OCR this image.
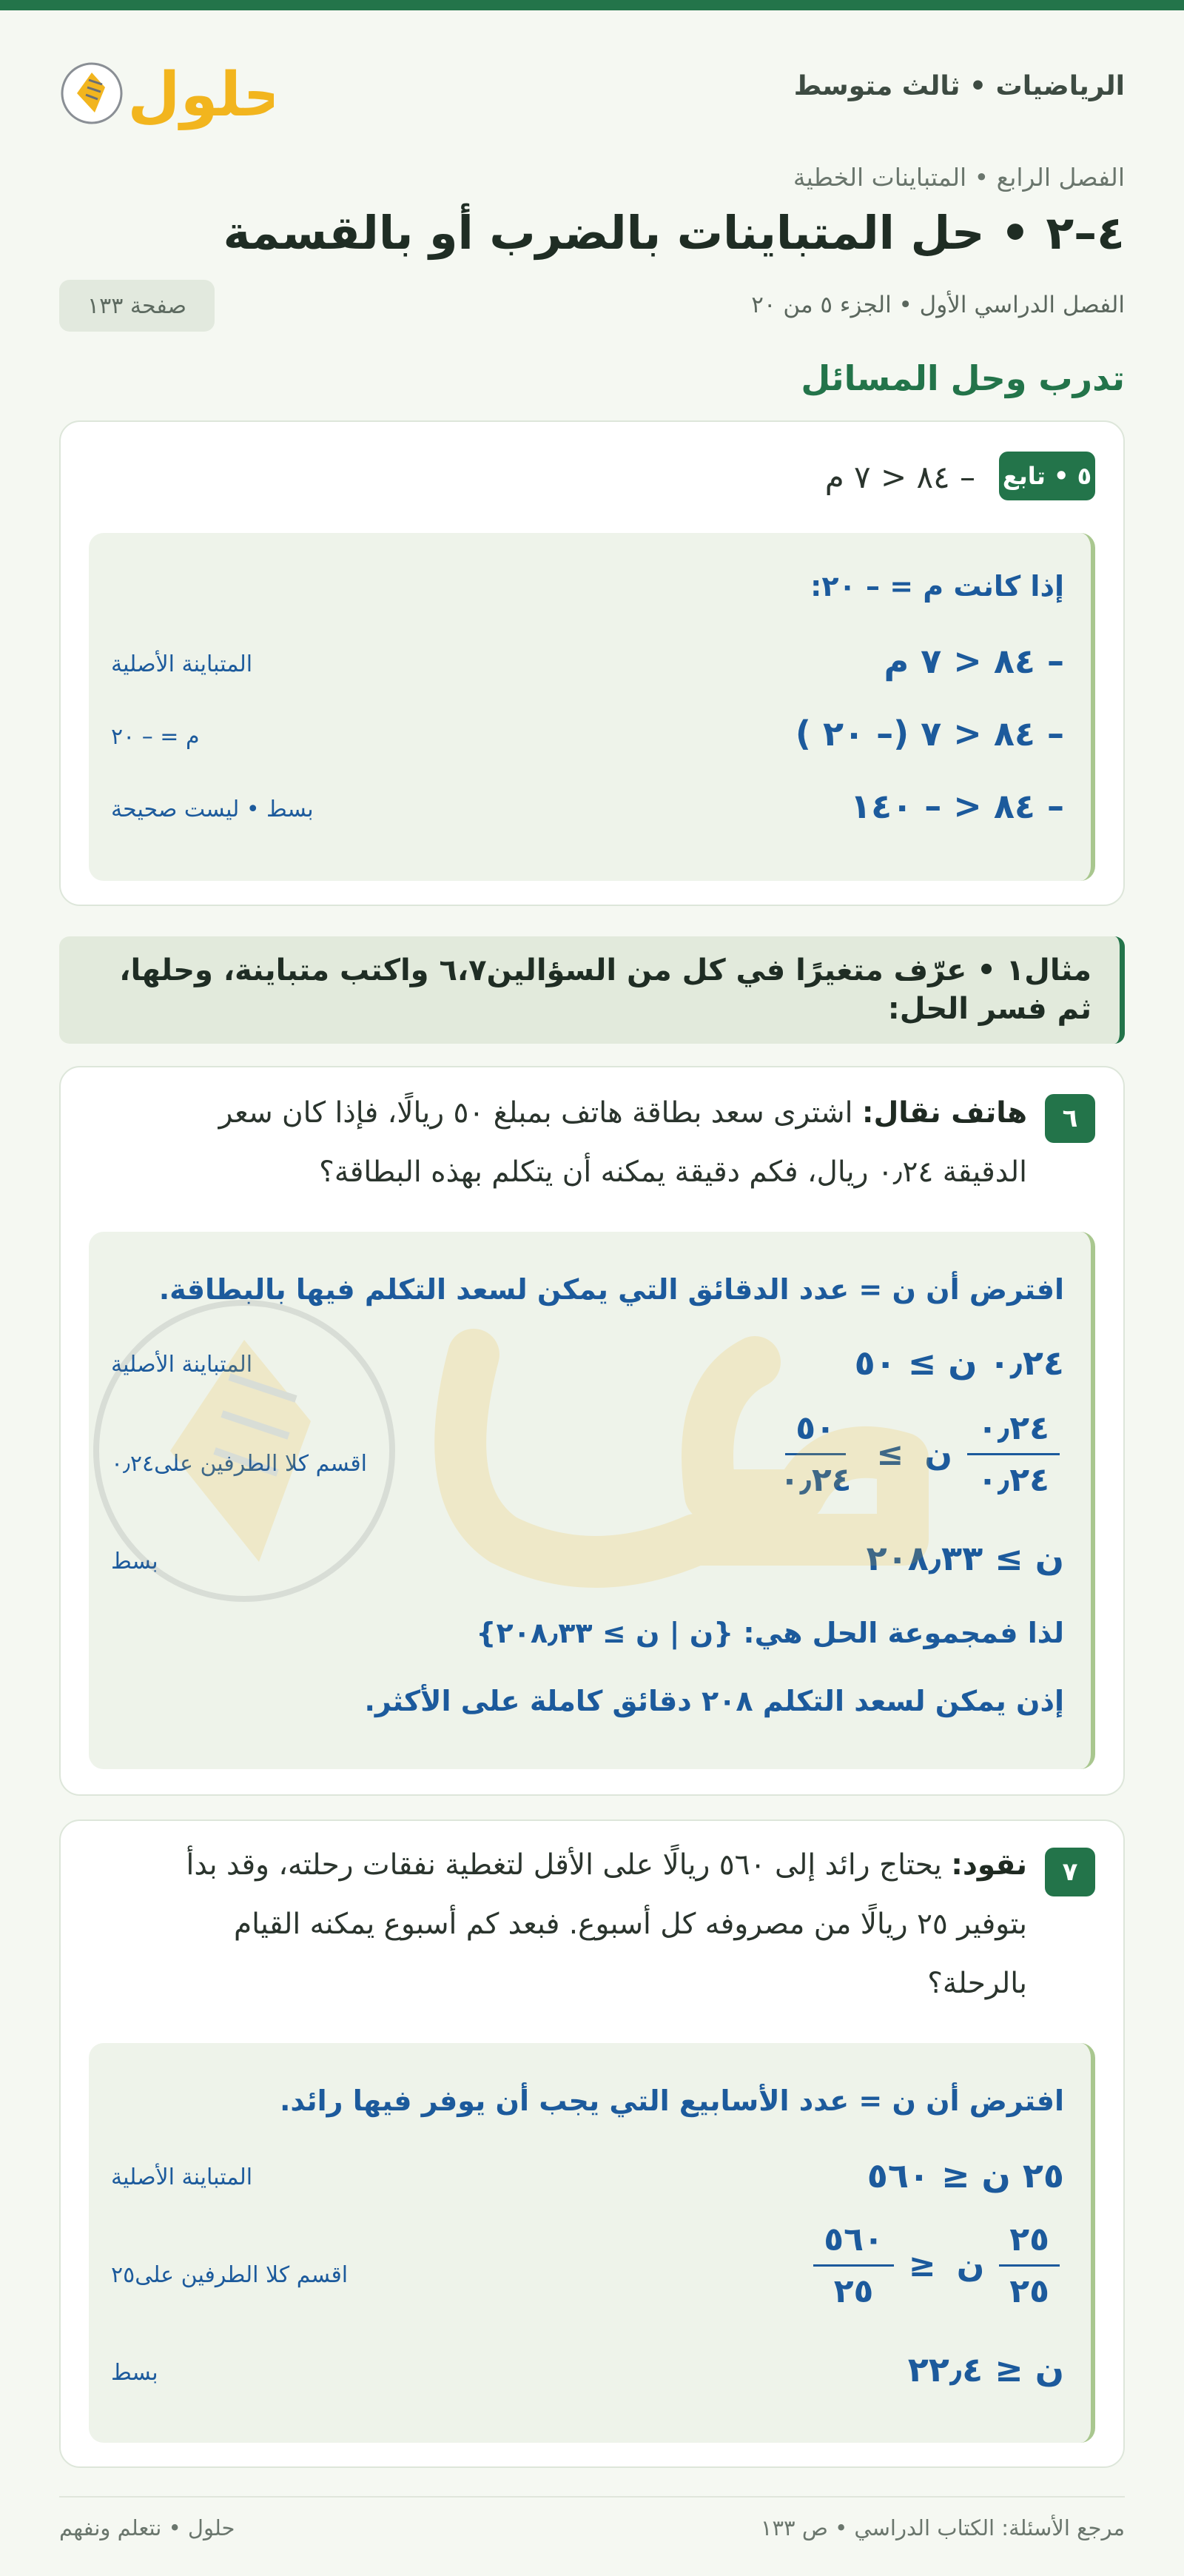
الرياضيات • ثالث متوسط
حلول
الفصل الرابع • المتباينات الخطية
٤–٢ • حل المتباينات بالضرب أو بالقسمة
الفصل الدراسي الأول • الجزء ٥ من ٢٠
صفحة ١٣٣
تدرب وحل المسائل
٥ • تابع
– ٨٤ < ٧ م
إذا كانت م = – ٢٠:
– ٨٤ < ٧ م
المتباينة الأصلية
– ٨٤ < ٧ (– ٢٠ )
م = – ٢٠
– ٨٤ < – ١٤٠
بسط • ليست صحيحة
مثال١ • عرّف متغيرًا في كل من السؤالين٦،٧ واكتب متباينة، وحلها، ثم فسر الحل:
٦
هاتف نقال: اشترى سعد بطاقة هاتف بمبلغ ٥٠ ريالًا، فإذا كان سعر
الدقيقة ٠٫٢٤ ريال، فكم دقيقة يمكنه أن يتكلم بهذه البطاقة؟
افترض أن ن = عدد الدقائق التي يمكن لسعد التكلم فيها بالبطاقة.
٠٫٢٤ ن ≥ ٥٠
المتباينة الأصلية
$\frac{٠٫٢٤}{٠٫٢٤}$
ن
≥
$\frac{٥٠}{٠٫٢٤}$
اقسم كلا الطرفين على٠٫٢٤
ن ≥ ٢٠٨٫٣٣
بسط
لذا فمجموعة الحل هي: {ن | ن ≥ ٢٠٨٫٣٣}
إذن يمكن لسعد التكلم ٢٠٨ دقائق كاملة على الأكثر.
٧
نقود: يحتاج رائد إلى ٥٦٠ ريالًا على الأقل لتغطية نفقات رحلته، وقد بدأ
بتوفير ٢٥ ريالًا من مصروفه كل أسبوع. فبعد كم أسبوع يمكنه القيام
بالرحلة؟
افترض أن ن = عدد الأسابيع التي يجب أن يوفر فيها رائد.
٢٥ ن ≤ ٥٦٠
المتباينة الأصلية
$\frac{٢٥}{٢٥}$
ن
≤
$\frac{٥٦٠}{٢٥}$
اقسم كلا الطرفين على٢٥
ن ≤ ٢٢٫٤
بسط
مرجع الأسئلة: الكتاب الدراسي • ص ١٣٣
حلول • نتعلم ونفهم
